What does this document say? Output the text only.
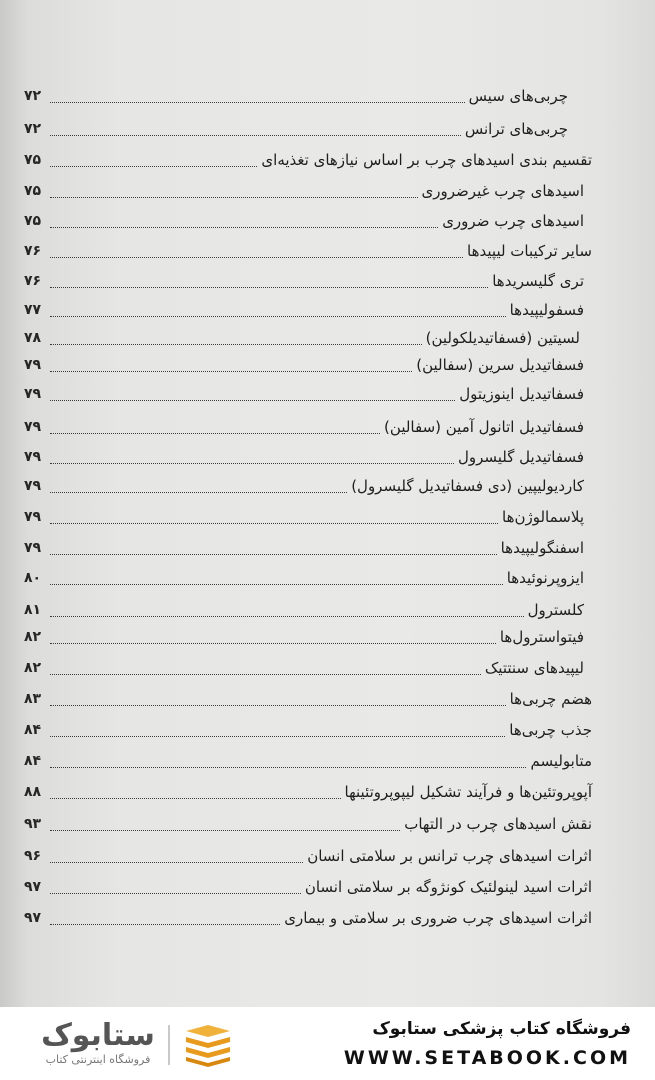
چربی‌های سیس
۷۲
چربی‌های ترانس
۷۲
تقسیم بندی اسیدهای چرب بر اساس نیازهای تغذیه‌ای
۷۵
اسیدهای چرب غیرضروری
۷۵
اسیدهای چرب ضروری
۷۵
سایر ترکیبات لیپیدها
۷۶
تری گلیسریدها
۷۶
فسفولیپیدها
۷۷
لسیتین (فسفاتیدیلکولین)
۷۸
فسفاتیدیل سرین (سفالین)
۷۹
فسفاتیدیل اینوزیتول
۷۹
فسفاتیدیل اتانول آمین (سفالین)
۷۹
فسفاتیدیل گلیسرول
۷۹
کاردیولیپین (دی فسفاتیدیل گلیسرول)
۷۹
پلاسمالوژن‌ها
۷۹
اسفنگولیپیدها
۷۹
ایزوپرنوئیدها
۸۰
کلسترول
۸۱
فیتواسترول‌ها
۸۲
لیپیدهای سنتتیک
۸۲
هضم چربی‌ها
۸۳
جذب چربی‌ها
۸۴
متابولیسم
۸۴
آپوپروتئین‌ها و فرآیند تشکیل لیپوپروتئینها
۸۸
نقش اسیدهای چرب در التهاب
۹۳
اثرات اسیدهای چرب ترانس بر سلامتی انسان
۹۶
اثرات اسید لینولئیک کونژوگه بر سلامتی انسان
۹۷
اثرات اسیدهای چرب ضروری بر سلامتی و بیماری
۹۷
ستابوک
فروشگاه اینترنتی کتاب
فروشگاه کتاب پزشکی ستابوک
WWW.SETABOOK.COM
